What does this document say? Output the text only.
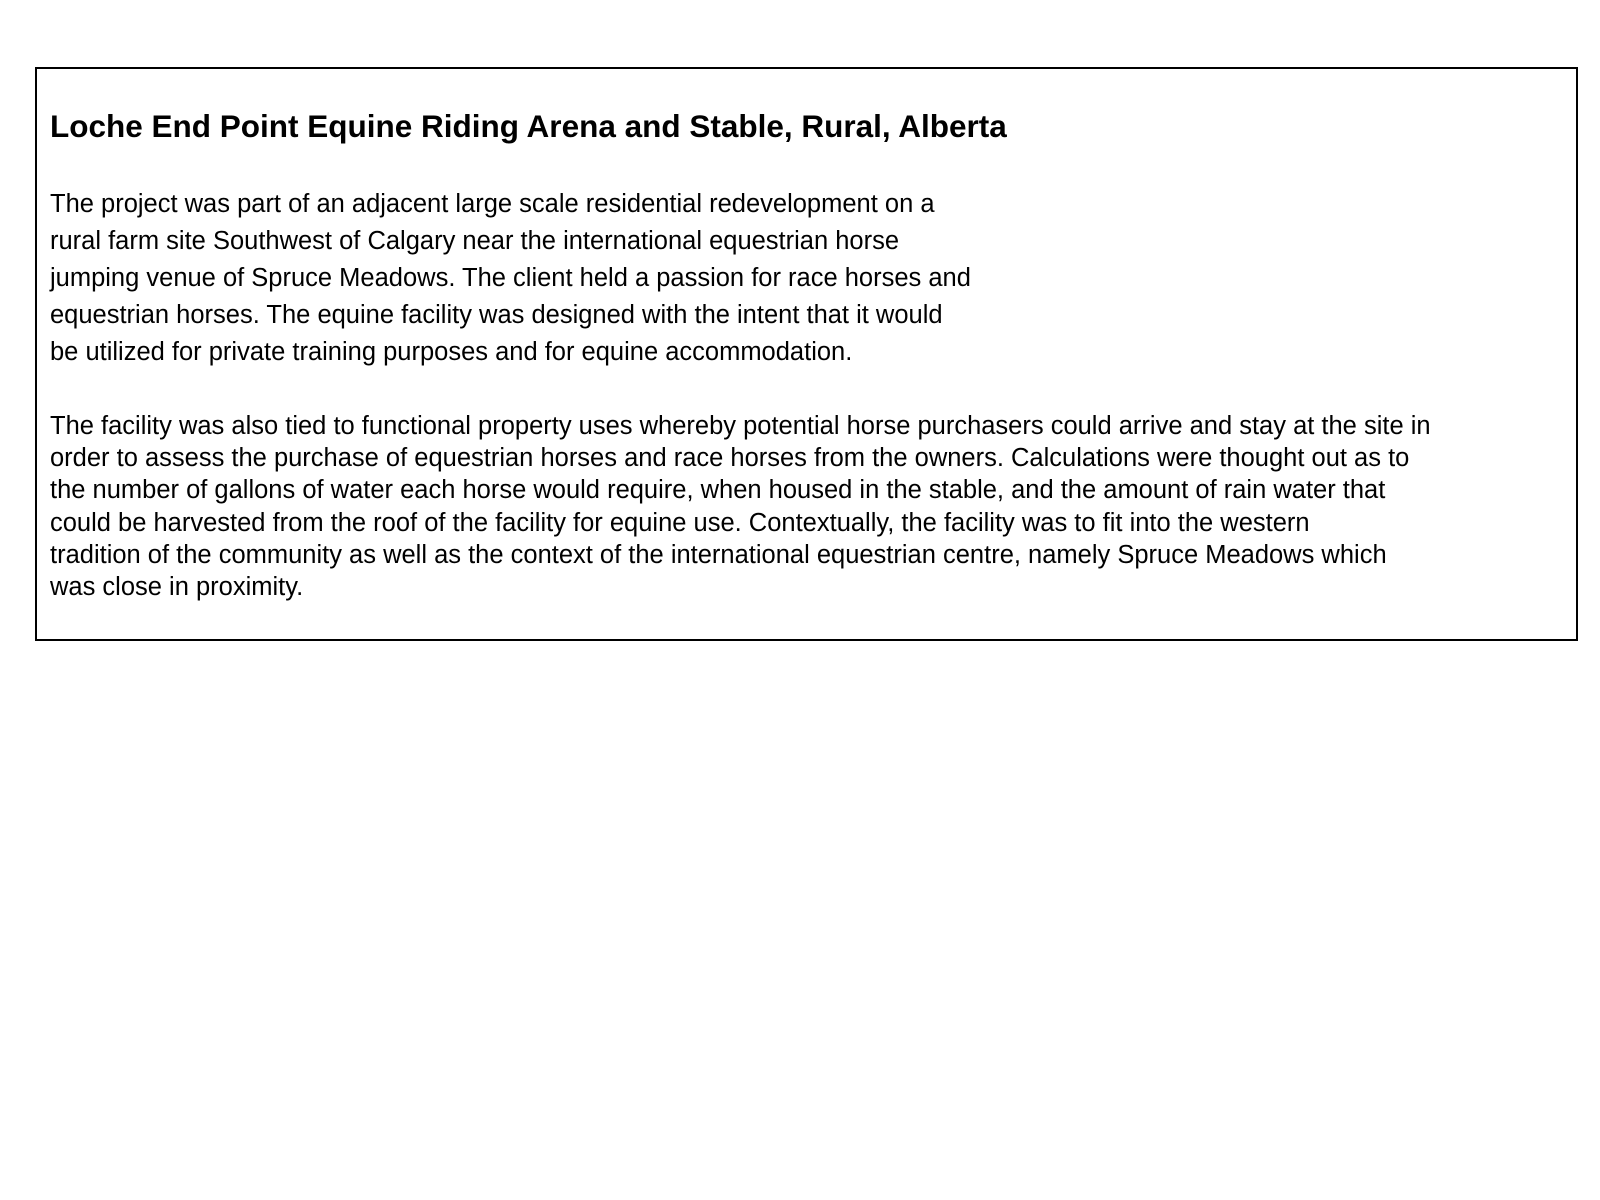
Loche End Point Equine Riding Arena and Stable, Rural, Alberta

The project was part of an adjacent large scale residential redevelopment on a
rural farm site Southwest of Calgary near the international equestrian horse
jumping venue of Spruce Meadows. The client held a passion for race horses and
equestrian horses. The equine facility was designed with the intent that it would
be utilized for private training purposes and for equine accommodation.

The facility was also tied to functional property uses whereby potential horse purchasers could arrive and stay at the site in
order to assess the purchase of equestrian horses and race horses from the owners. Calculations were thought out as to
the number of gallons of water each horse would require, when housed in the stable, and the amount of rain water that
could be harvested from the roof of the facility for equine use. Contextually, the facility was to fit into the western
tradition of the community as well as the context of the international equestrian centre, namely Spruce Meadows which
was close in proximity.
